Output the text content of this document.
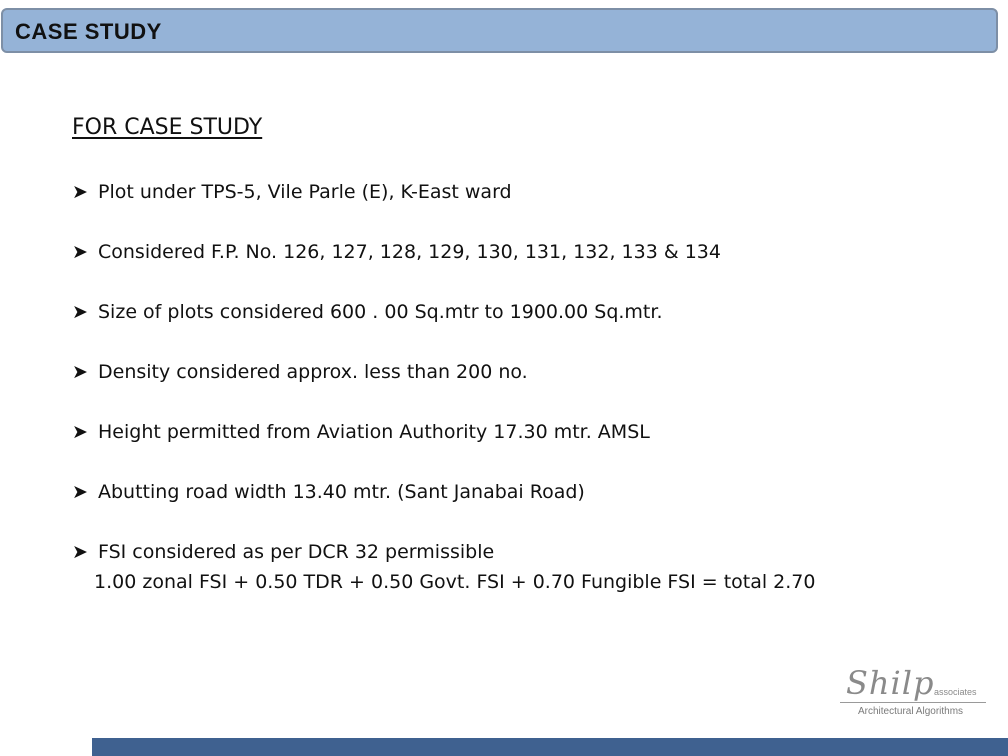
CASE STUDY
FOR CASE STUDY
➤ Plot under TPS-5, Vile Parle (E), K-East ward
➤ Considered F.P. No. 126, 127, 128, 129, 130, 131, 132, 133 & 134
➤ Size of plots considered 600 . 00 Sq.mtr to 1900.00 Sq.mtr.
➤ Density considered approx. less than 200 no.
➤ Height permitted from Aviation Authority 17.30 mtr. AMSL
➤ Abutting road width 13.40 mtr. (Sant Janabai Road)
➤ FSI considered as per DCR 32 permissible
1.00 zonal FSI + 0.50 TDR + 0.50 Govt. FSI + 0.70 Fungible FSI = total 2.70
Shilp associates
Architectural Algorithms
